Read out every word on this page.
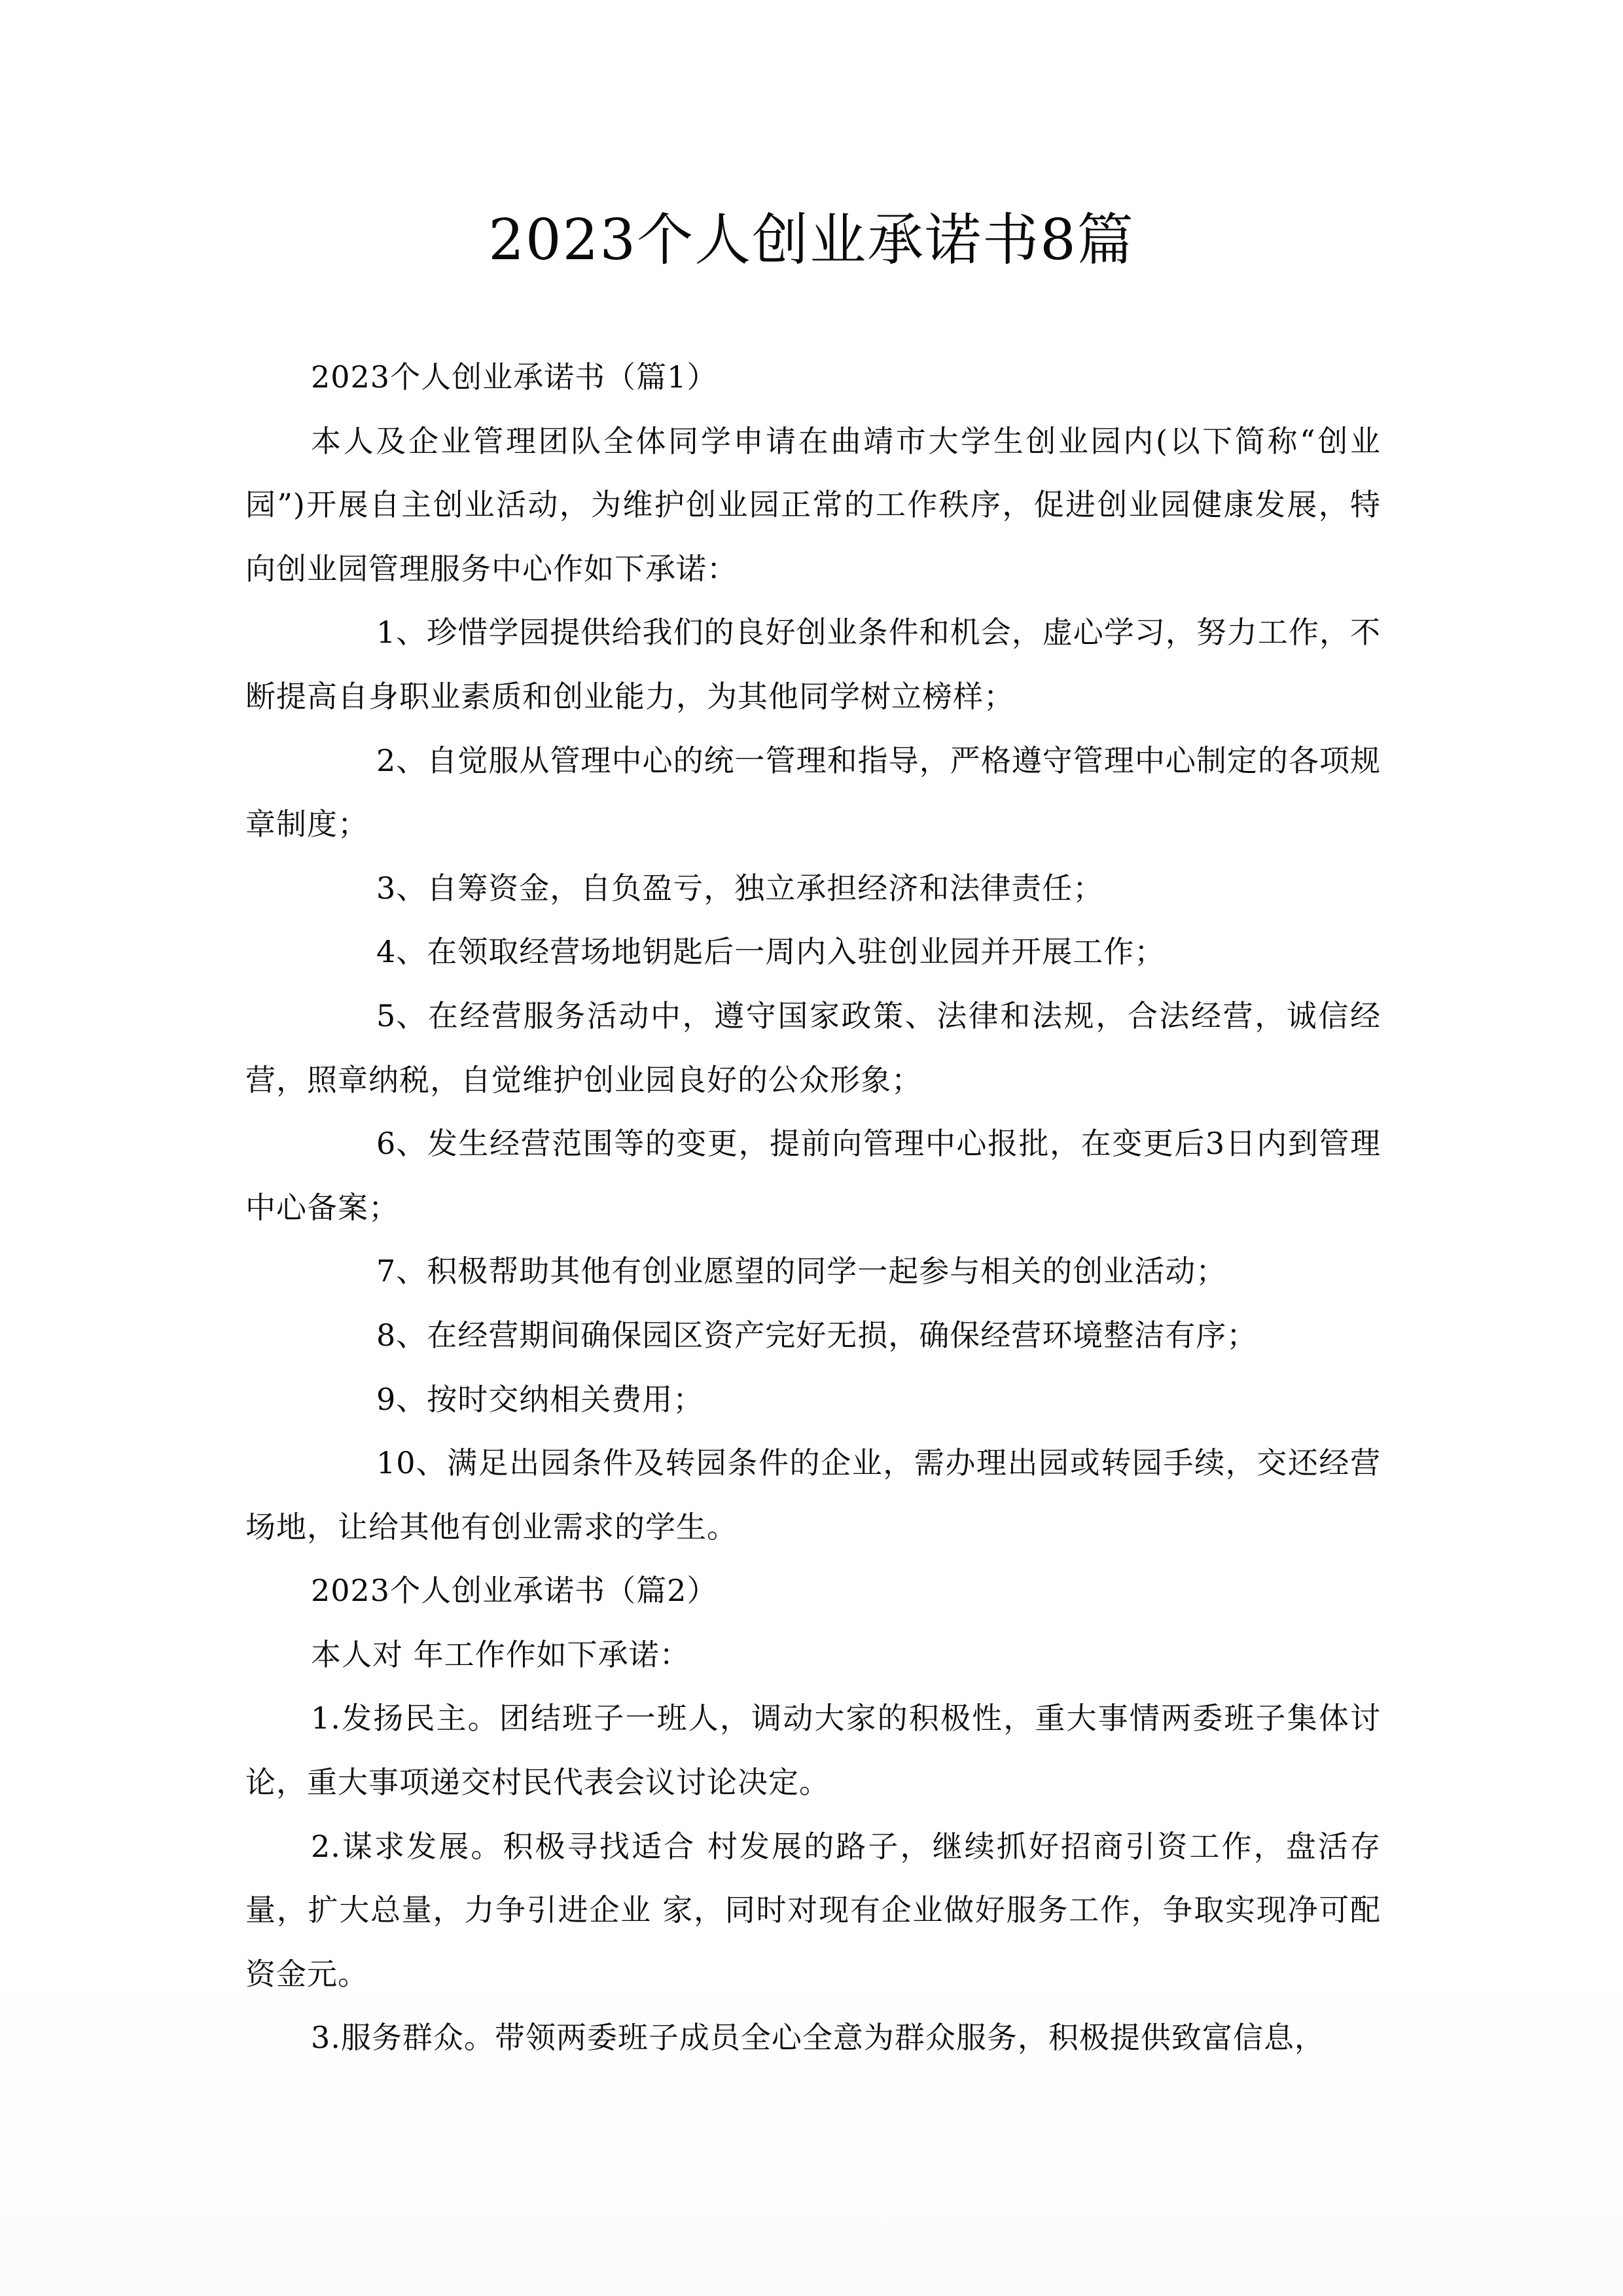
2023个人创业承诺书8篇

2023个人创业承诺书（篇1）

本人及企业管理团队全体同学申请在曲靖市大学生创业园内(以下简称“创业园”)开展自主创业活动，为维护创业园正常的工作秩序，促进创业园健康发展，特向创业园管理服务中心作如下承诺：

1、珍惜学园提供给我们的良好创业条件和机会，虚心学习，努力工作，不断提高自身职业素质和创业能力，为其他同学树立榜样；

2、自觉服从管理中心的统一管理和指导，严格遵守管理中心制定的各项规章制度；

3、自筹资金，自负盈亏，独立承担经济和法律责任；

4、在领取经营场地钥匙后一周内入驻创业园并开展工作；

5、在经营服务活动中，遵守国家政策、法律和法规，合法经营，诚信经营，照章纳税，自觉维护创业园良好的公众形象；

6、发生经营范围等的变更，提前向管理中心报批，在变更后3日内到管理中心备案；

7、积极帮助其他有创业愿望的同学一起参与相关的创业活动；

8、在经营期间确保园区资产完好无损，确保经营环境整洁有序；

9、按时交纳相关费用；

10、满足出园条件及转园条件的企业，需办理出园或转园手续，交还经营场地，让给其他有创业需求的学生。

2023个人创业承诺书（篇2）

本人对 年工作作如下承诺：

1.发扬民主。团结班子一班人，调动大家的积极性，重大事情两委班子集体讨论，重大事项递交村民代表会议讨论决定。

2.谋求发展。积极寻找适合 村发展的路子，继续抓好招商引资工作，盘活存量，扩大总量，力争引进企业 家，同时对现有企业做好服务工作，争取实现净可配资金元。

3.服务群众。带领两委班子成员全心全意为群众服务，积极提供致富信息，
